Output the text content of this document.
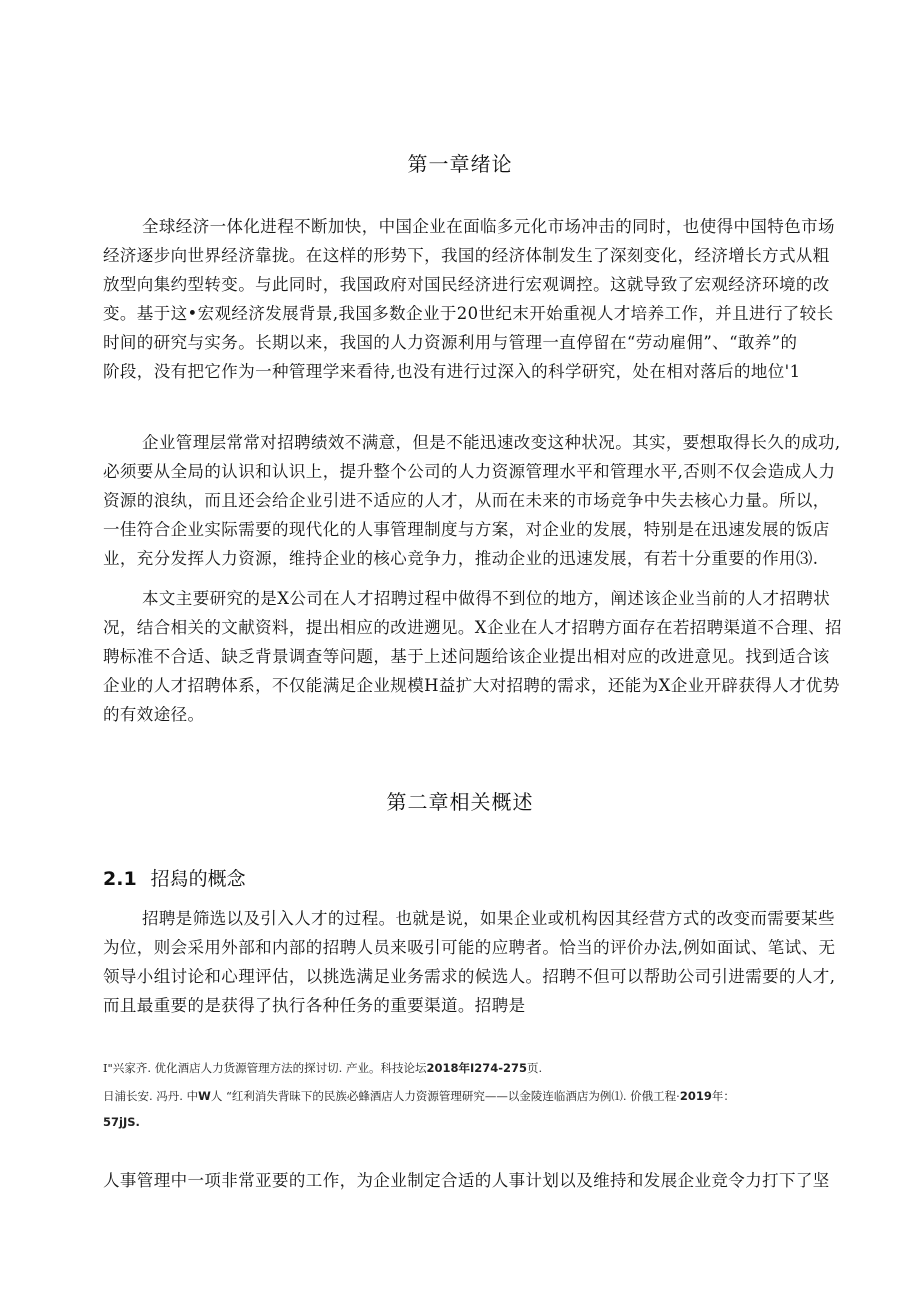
第一章绪论
全球经济一体化进程不断加快，中国企业在面临多元化市场冲击的同时，也使得中国特色市场
经济逐步向世界经济靠拢。在这样的形势下，我国的经济体制发生了深刻变化，经济增长方式从粗
放型向集约型转变。与此同时，我国政府对国民经济进行宏观调控。这就导致了宏观经济环境的改
变。基于这•宏观经济发展背景,我国多数企业于20世纪末开始重视人才培养工作，并且进行了较长
时间的研究与实务。长期以来，我国的人力资源利用与管理一直停留在“劳动雇佣”、“敢养”的
阶段，没有把它作为一种管理学来看待,也没有进行过深入的科学研究，处在相对落后的地位'1
企业管理层常常对招聘绩效不满意，但是不能迅速改变这种状况。其实，要想取得长久的成功,
必须要从全局的认识和认识上，提升整个公司的人力资源管理水平和管理水平,否则不仅会造成人力
资源的浪纨，而且还会给企业引进不适应的人才，从而在未来的市场竞争中失去核心力量。所以，
一佳符合企业实际需要的现代化的人事管理制度与方案，对企业的发展，特别是在迅速发展的饭店
业，充分发挥人力资源，维持企业的核心竞争力，推动企业的迅速发展，有若十分重要的作用⑶.
本文主要研究的是X公司在人才招聘过程中做得不到位的地方，阐述该企业当前的人才招聘状
况，结合相关的文献资料，提出相应的改进遡见。X企业在人才招聘方面存在若招聘渠道不合理、招
聘标准不合适、缺乏背景调查等问题，基于上述问题给该企业提出相对应的改进意见。找到适合该
企业的人才招聘体系，不仅能满足企业规模H益扩大对招聘的需求，还能为X企业开辟获得人才优势
的有效途径。
第二章相关概述
2.1 招舄的概念
招聘是筛选以及引入人才的过程。也就是说，如果企业或机构因其经营方式的改变而需要某些
为位，则会采用外部和内部的招聘人员来吸引可能的应聘者。恰当的评价办法,例如面试、笔试、无
领导小组讨论和心理评估，以挑选满足业务需求的候选人。招聘不但可以帮助公司引进需要的人才,
而且最重要的是获得了执行各种任务的重要渠道。招聘是
I"兴家齐. 优化酒店人力货源管理方法的探讨切. 产业。科技论坛2018年I274-275页.
日浦长安. 冯丹. 中W人 “红利消失背昧下的民族必蜂酒店人力资源管理研究——以金陵连临酒店为例⑴. 价俄工程·2019年：
57jJS.
人事管理中一项非常亚要的工作，为企业制定合适的人事计划以及维持和发展企业竞令力打下了坚
